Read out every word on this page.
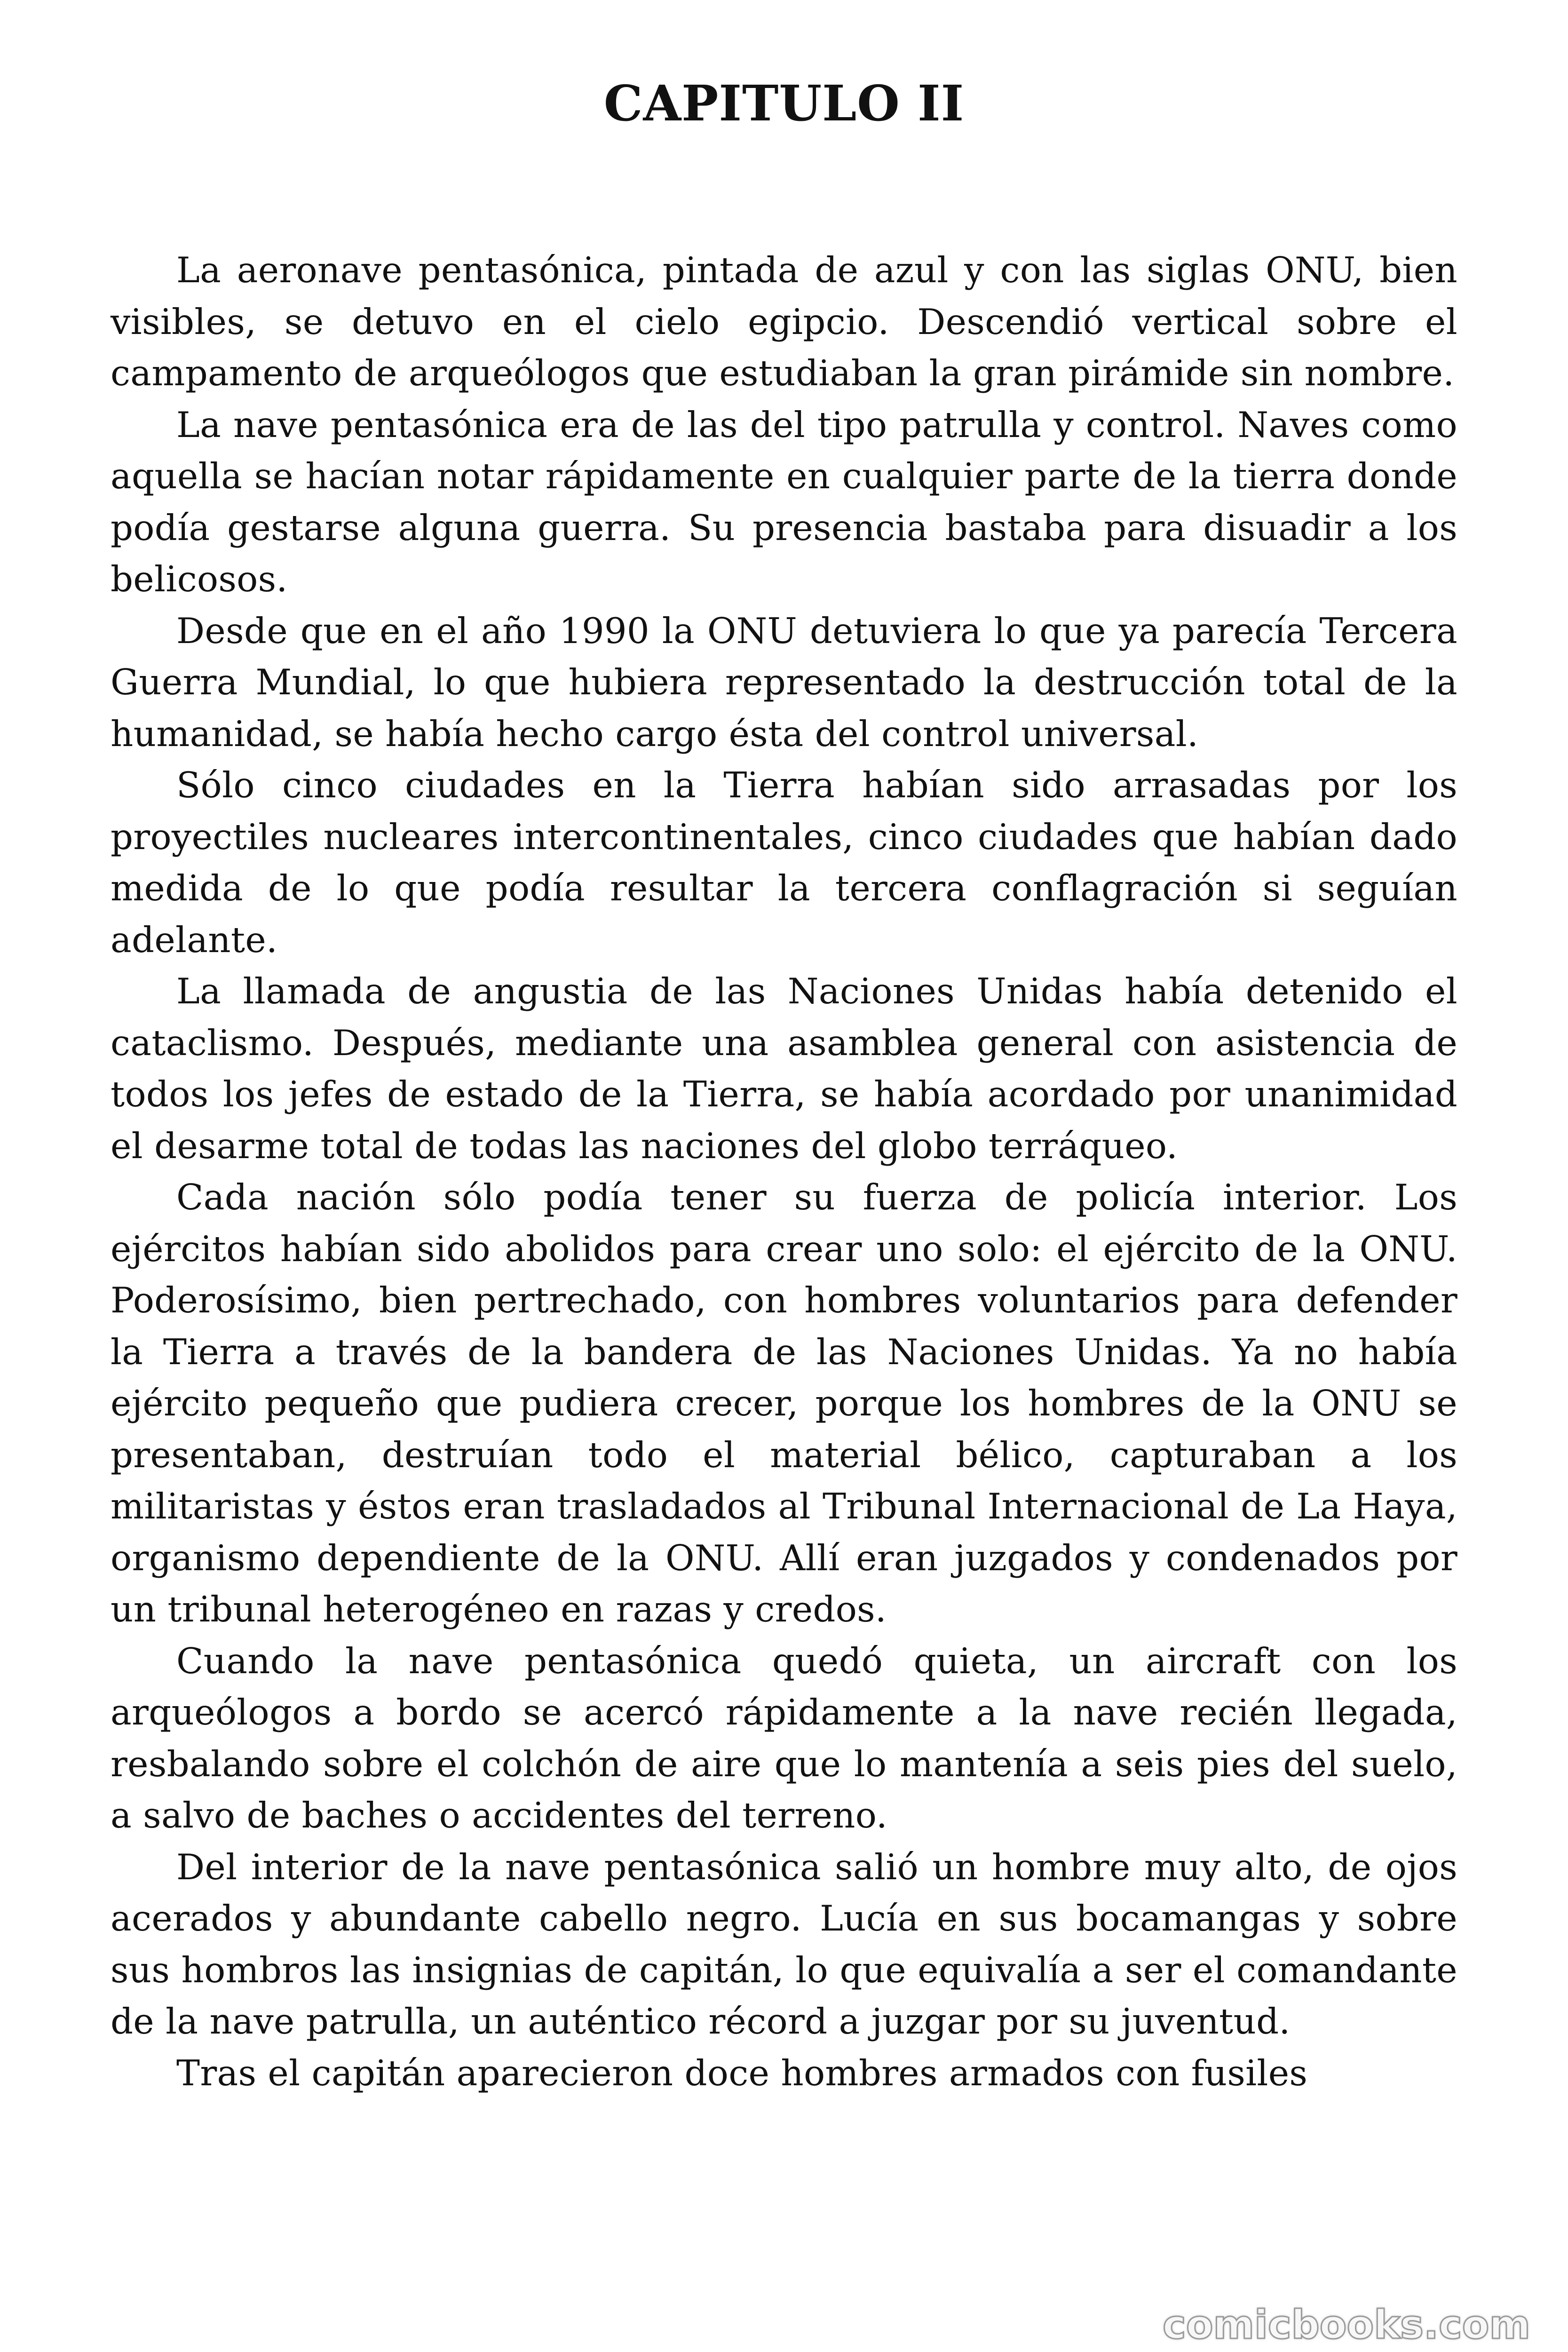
CAPITULO II

La aeronave pentasónica, pintada de azul y con las siglas ONU, bien visibles, se detuvo en el cielo egipcio. Descendió vertical sobre el campamento de arqueólogos que estudiaban la gran pirámide sin nombre.

La nave pentasónica era de las del tipo patrulla y control. Naves como aquella se hacían notar rápidamente en cualquier parte de la tierra donde podía gestarse alguna guerra. Su presencia bastaba para disuadir a los belicosos.

Desde que en el año 1990 la ONU detuviera lo que ya parecía Tercera Guerra Mundial, lo que hubiera representado la destrucción total de la humanidad, se había hecho cargo ésta del control universal.

Sólo cinco ciudades en la Tierra habían sido arrasadas por los proyectiles nucleares intercontinentales, cinco ciudades que habían dado medida de lo que podía resultar la tercera conflagración si seguían adelante.

La llamada de angustia de las Naciones Unidas había detenido el cataclismo. Después, mediante una asamblea general con asistencia de todos los jefes de estado de la Tierra, se había acordado por unanimidad el desarme total de todas las naciones del globo terráqueo.

Cada nación sólo podía tener su fuerza de policía interior. Los ejércitos habían sido abolidos para crear uno solo: el ejército de la ONU. Poderosísimo, bien pertrechado, con hombres voluntarios para defender la Tierra a través de la bandera de las Naciones Unidas. Ya no había ejército pequeño que pudiera crecer, porque los hombres de la ONU se presentaban, destruían todo el material bélico, capturaban a los militaristas y éstos eran trasladados al Tribunal Internacional de La Haya, organismo dependiente de la ONU. Allí eran juzgados y condenados por un tribunal heterogéneo en razas y credos.

Cuando la nave pentasónica quedó quieta, un aircraft con los arqueólogos a bordo se acercó rápidamente a la nave recién llegada, resbalando sobre el colchón de aire que lo mantenía a seis pies del suelo, a salvo de baches o accidentes del terreno.

Del interior de la nave pentasónica salió un hombre muy alto, de ojos acerados y abundante cabello negro. Lucía en sus bocamangas y sobre sus hombros las insignias de capitán, lo que equivalía a ser el comandante de la nave patrulla, un auténtico récord a juzgar por su juventud.

Tras el capitán aparecieron doce hombres armados con fusiles

comicbooks.com
